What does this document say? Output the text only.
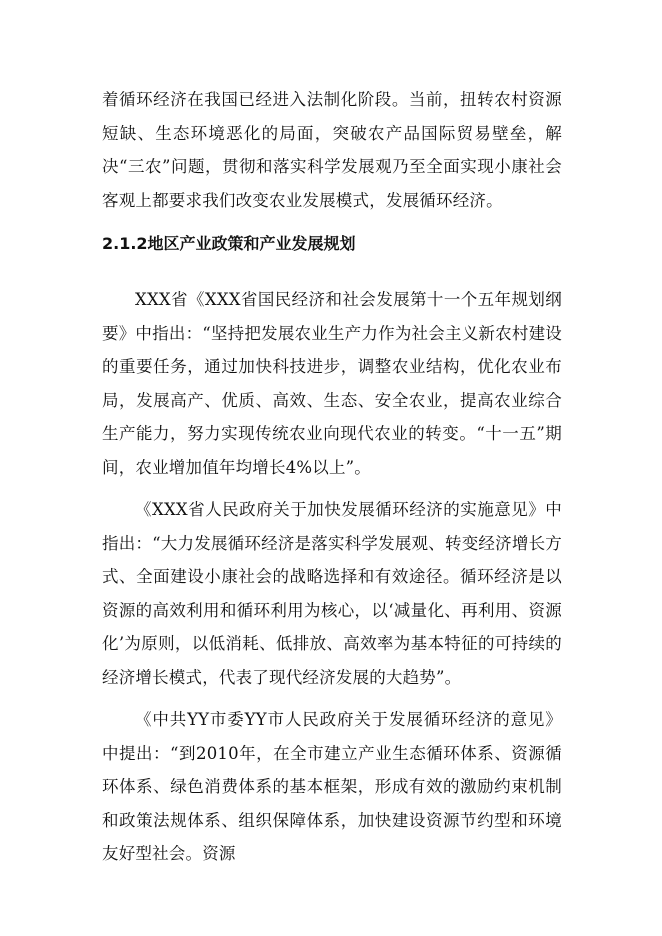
着循环经济在我国已经进入法制化阶段。当前，扭转农村资源短缺、生态环境恶化的局面，突破农产品国际贸易壁垒，解决“三农”问题，贯彻和落实科学发展观乃至全面实现小康社会客观上都要求我们改变农业发展模式，发展循环经济。

2.1.2地区产业政策和产业发展规划

XXX省《XXX省国民经济和社会发展第十一个五年规划纲要》中指出：“坚持把发展农业生产力作为社会主义新农村建设的重要任务，通过加快科技进步，调整农业结构，优化农业布局，发展高产、优质、高效、生态、安全农业，提高农业综合生产能力，努力实现传统农业向现代农业的转变。“十一五”期间，农业增加值年均增长4%以上”。

《XXX省人民政府关于加快发展循环经济的实施意见》中指出：“大力发展循环经济是落实科学发展观、转变经济增长方式、全面建设小康社会的战略选择和有效途径。循环经济是以资源的高效利用和循环利用为核心，以‘减量化、再利用、资源化’为原则，以低消耗、低排放、高效率为基本特征的可持续的经济增长模式，代表了现代经济发展的大趋势”。

《中共YY市委YY市人民政府关于发展循环经济的意见》中提出：“到2010年，在全市建立产业生态循环体系、资源循环体系、绿色消费体系的基本框架，形成有效的激励约束机制和政策法规体系、组织保障体系，加快建设资源节约型和环境友好型社会。资源
